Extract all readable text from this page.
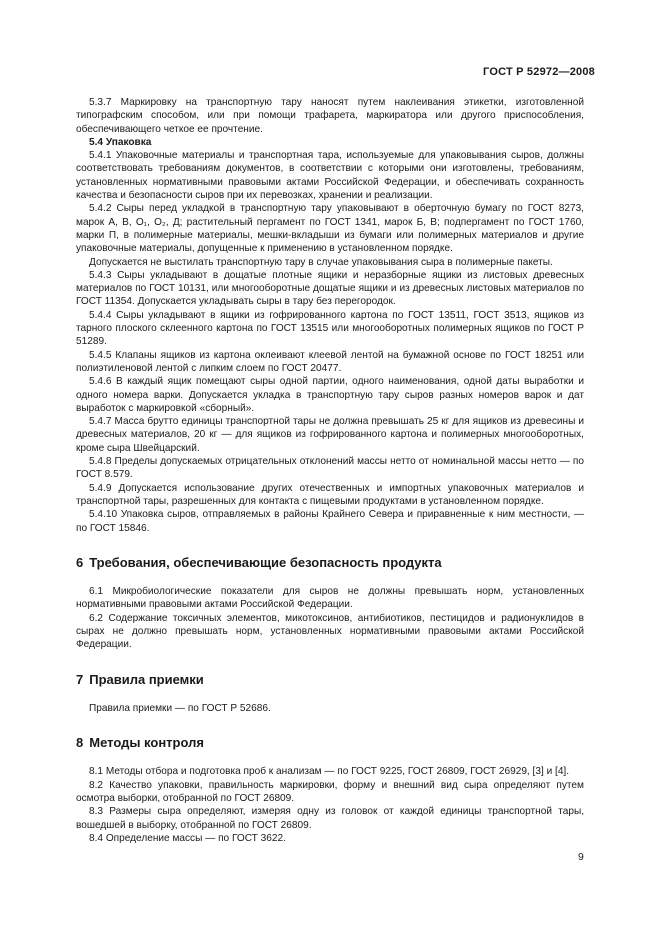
ГОСТ Р 52972—2008

5.3.7 Маркировку на транспортную тару наносят путем наклеивания этикетки, изготовленной типографским способом, или при помощи трафарета, маркиратора или другого приспособления, обеспечивающего четкое ее прочтение.

5.4 Упаковка

5.4.1 Упаковочные материалы и транспортная тара, используемые для упаковывания сыров, должны соответствовать требованиям документов, в соответствии с которыми они изготовлены, требованиям, установленных нормативными правовыми актами Российской Федерации, и обеспечивать сохранность качества и безопасности сыров при их перевозках, хранении и реализации.

5.4.2 Сыры перед укладкой в транспортную тару упаковывают в оберточную бумагу по ГОСТ 8273, марок А, В, О₁, О₂, Д; растительный пергамент по ГОСТ 1341, марок Б, В; подпергамент по ГОСТ 1760, марки П, в полимерные материалы, мешки-вкладыши из бумаги или полимерных материалов и другие упаковочные материалы, допущенные к применению в установленном порядке.

Допускается не выстилать транспортную тару в случае упаковывания сыра в полимерные пакеты.

5.4.3 Сыры укладывают в дощатые плотные ящики и неразборные ящики из листовых древесных материалов по ГОСТ 10131, или многооборотные дощатые ящики и из древесных листовых материалов по ГОСТ 11354. Допускается укладывать сыры в тару без перегородок.

5.4.4 Сыры укладывают в ящики из гофрированного картона по ГОСТ 13511, ГОСТ 3513, ящиков из тарного плоского склеенного картона по ГОСТ 13515 или многооборотных полимерных ящиков по ГОСТ Р 51289.

5.4.5 Клапаны ящиков из картона оклеивают клеевой лентой на бумажной основе по ГОСТ 18251 или полиэтиленовой лентой с липким слоем по ГОСТ 20477.

5.4.6 В каждый ящик помещают сыры одной партии, одного наименования, одной даты выработки и одного номера варки. Допускается укладка в транспортную тару сыров разных номеров варок и дат выработок с маркировкой «сборный».

5.4.7 Масса брутто единицы транспортной тары не должна превышать 25 кг для ящиков из древесины и древесных материалов, 20 кг — для ящиков из гофрированного картона и полимерных многооборотных, кроме сыра Швейцарский.

5.4.8 Пределы допускаемых отрицательных отклонений массы нетто от номинальной массы нетто — по ГОСТ 8.579.

5.4.9 Допускается использование других отечественных и импортных упаковочных материалов и транспортной тары, разрешенных для контакта с пищевыми продуктами в установленном порядке.

5.4.10 Упаковка сыров, отправляемых в районы Крайнего Севера и приравненные к ним местности, — по ГОСТ 15846.

6 Требования, обеспечивающие безопасность продукта

6.1 Микробиологические показатели для сыров не должны превышать норм, установленных нормативными правовыми актами Российской Федерации.

6.2 Содержание токсичных элементов, микотоксинов, антибиотиков, пестицидов и радионуклидов в сырах не должно превышать норм, установленных нормативными правовыми актами Российской Федерации.

7 Правила приемки

Правила приемки — по ГОСТ Р 52686.

8 Методы контроля

8.1 Методы отбора и подготовка проб к анализам — по ГОСТ 9225, ГОСТ 26809, ГОСТ 26929, [3] и [4].

8.2 Качество упаковки, правильность маркировки, форму и внешний вид сыра определяют путем осмотра выборки, отобранной по ГОСТ 26809.

8.3 Размеры сыра определяют, измеряя одну из головок от каждой единицы транспортной тары, вошедшей в выборку, отобранной по ГОСТ 26809.

8.4 Определение массы — по ГОСТ 3622.

9
